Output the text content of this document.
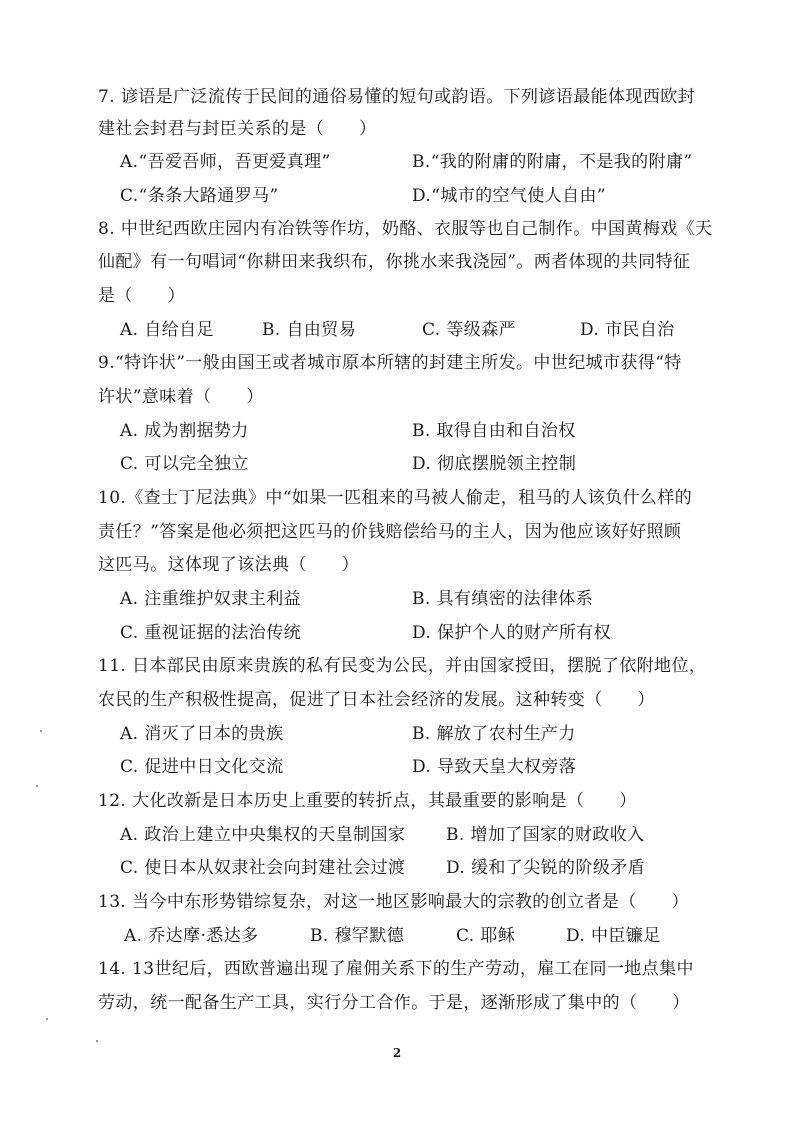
7. 谚语是广泛流传于民间的通俗易懂的短句或韵语。下列谚语最能体现西欧封
建社会封君与封臣关系的是（　　）
A.“吾爱吾师，吾更爱真理”	B.“我的附庸的附庸，不是我的附庸”
C.“条条大路通罗马”	D.“城市的空气使人自由”
8. 中世纪西欧庄园内有冶铁等作坊，奶酪、衣服等也自己制作。中国黄梅戏《天
仙配》有一句唱词“你耕田来我织布，你挑水来我浇园”。两者体现的共同特征
是（　　）
A. 自给自足	B. 自由贸易	C. 等级森严	D. 市民自治
9.“特许状”一般由国王或者城市原本所辖的封建主所发。中世纪城市获得“特
许状”意味着（　　）
A. 成为割据势力	B. 取得自由和自治权
C. 可以完全独立	D. 彻底摆脱领主控制
10.《查士丁尼法典》中“如果一匹租来的马被人偷走，租马的人该负什么样的
责任？”答案是他必须把这匹马的价钱赔偿给马的主人，因为他应该好好照顾
这匹马。这体现了该法典（　　）
A. 注重维护奴隶主利益	B. 具有缜密的法律体系
C. 重视证据的法治传统	D. 保护个人的财产所有权
11. 日本部民由原来贵族的私有民变为公民，并由国家授田，摆脱了依附地位，
农民的生产积极性提高，促进了日本社会经济的发展。这种转变（　　）
A. 消灭了日本的贵族	B. 解放了农村生产力
C. 促进中日文化交流	D. 导致天皇大权旁落
12. 大化改新是日本历史上重要的转折点，其最重要的影响是（　　）
A. 政治上建立中央集权的天皇制国家 B. 增加了国家的财政收入
C. 使日本从奴隶社会向封建社会过渡 D. 缓和了尖锐的阶级矛盾
13. 当今中东形势错综复杂，对这一地区影响最大的宗教的创立者是（　　）
A. 乔达摩·悉达多	B. 穆罕默德	C. 耶稣	D. 中臣镰足
14. 13世纪后，西欧普遍出现了雇佣关系下的生产劳动，雇工在同一地点集中
劳动，统一配备生产工具，实行分工合作。于是，逐渐形成了集中的（　　）
2
